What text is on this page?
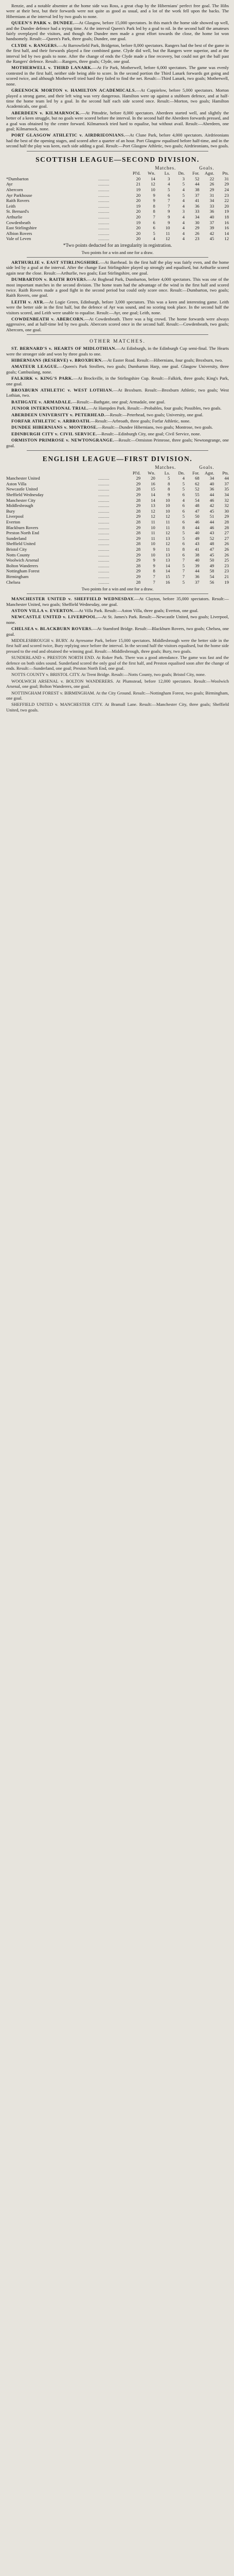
Renzie, and a notable absentee at the home side was Ross, a great chap by the Hibernians' perfect free goal. The Hibs were at their best, but their forwards were not quite as good as usual, and a lot of the work fell upon the backs. The Hibernians at the interval led by two goals to none.

QUEEN'S PARK v. DUNDEE.—At Glasgow, before 15,000 spectators. In this match the home side showed up well, and the Dundee defence had a trying time. At the interval Queen's Park led by a goal to nil. In the second half the amateurs fairly overplayed the visitors, and though the Dundee men made a great effort towards the close, the home lot won handsomely. Result:—Queen's Park, three goals; Dundee, one goal.

CLYDE v. RANGERS.—At Barrowfield Park, Bridgeton, before 8,000 spectators. Rangers had the best of the game in the first half, and their forwards played a fine combined game. Clyde did well, but the Rangers were superior, and at the interval led by two goals to none. After the change of ends the Clyde made a fine recovery, but could not get the ball past the Rangers' defence. Result:—Rangers, three goals; Clyde, one goal.

MOTHERWELL v. THIRD LANARK.—At Fir Park, Motherwell, before 6,000 spectators. The game was evenly contested in the first half, neither side being able to score. In the second portion the Third Lanark forwards got going and scored twice, and although Motherwell tried hard they failed to find the net. Result:—Third Lanark, two goals; Motherwell, none.

GREENOCK MORTON v. HAMILTON ACADEMICALS.—At Cappielow, before 5,000 spectators. Morton played a strong game, and their left wing was very dangerous. Hamilton were up against a stubborn defence, and at half-time the home team led by a goal. In the second half each side scored once. Result:—Morton, two goals; Hamilton Academicals, one goal.

ABERDEEN v. KILMARNOCK.—At Pittodrie, before 8,000 spectators. Aberdeen started well, and slightly the better of a keen struggle, but no goals were scored before the interval. In the second half the Aberdeen forwards pressed, and a goal was obtained by the centre forward. Kilmarnock tried hard to equalise, but without avail. Result:—Aberdeen, one goal; Kilmarnock, none.

PORT GLASGOW ATHLETIC v. AIRDRIEONIANS.—At Clune Park, before 4,000 spectators. Airdrieonians had the best of the opening stages, and scored after a quarter of an hour. Port Glasgow equalised before half-time, and in the second half the play was keen, each side adding a goal. Result:—Port Glasgow Athletic, two goals; Airdrieonians, two goals.

SCOTTISH LEAGUE—SECOND DIVISION.
		Matches.				Goals.		
		Pl'd.	Wn.	Ls.	Dn.	For.	Agst.	Pts.
*Dumbarton	..........	20	14	3	3	52	22	31
Ayr	..........	21	12	4	5	44	26	29
Abercorn	..........	19	10	5	4	38	29	24
Ayr Parkhouse	..........	20	9	6	5	37	31	23
Raith Rovers	..........	20	9	7	4	41	34	22
Leith	..........	19	8	7	4	36	33	20
St. Bernard's	..........	20	8	9	3	33	36	19
Arthurlie	..........	20	7	9	4	34	40	18
Cowdenbeath	..........	19	6	9	4	30	37	16
East Stirlingshire	..........	20	6	10	4	29	39	16
Albion Rovers	..........	20	5	11	4	26	42	14
Vale of Leven	..........	20	4	12	4	23	45	12
*Two points deducted for an irregularity in registration.
Two points for a win and one for a draw.

ARTHURLIE v. EAST STIRLINGSHIRE.—At Barrhead. In the first half the play was fairly even, and the home side led by a goal at the interval. After the change East Stirlingshire played up strongly and equalised, but Arthurlie scored again near the close. Result:—Arthurlie, two goals; East Stirlingshire, one goal.

DUMBARTON v. RAITH ROVERS.—At Boghead Park, Dumbarton, before 4,000 spectators. This was one of the most important matches in the second division. The home team had the advantage of the wind in the first half and scored twice. Raith Rovers made a good fight in the second period but could only score once. Result:—Dumbarton, two goals; Raith Rovers, one goal.

LEITH v. AYR.—At Logie Green, Edinburgh, before 3,000 spectators. This was a keen and interesting game. Leith were the better side in the first half, but the defence of Ayr was sound, and no scoring took place. In the second half the visitors scored, and Leith were unable to equalise. Result:—Ayr, one goal; Leith, none.

COWDENBEATH v. ABERCORN.—At Cowdenbeath. There was a big crowd. The home forwards were always aggressive, and at half-time led by two goals. Abercorn scored once in the second half. Result:—Cowdenbeath, two goals; Abercorn, one goal.

OTHER MATCHES.

ST. BERNARD'S v. HEARTS OF MIDLOTHIAN.—At Edinburgh, in the Edinburgh Cup semi-final. The Hearts were the stronger side and won by three goals to one.

HIBERNIANS (RESERVE) v. BROXBURN.—At Easter Road. Result:—Hibernians, four goals; Broxburn, two.

AMATEUR LEAGUE.—Queen's Park Strollers, two goals; Dumbarton Harp, one goal. Glasgow University, three goals; Cambuslang, none.

FALKIRK v. KING'S PARK.—At Brockville, in the Stirlingshire Cup. Result:—Falkirk, three goals; King's Park, one goal.

BROXBURN ATHLETIC v. WEST LOTHIAN.—At Broxburn. Result:—Broxburn Athletic, two goals; West Lothian, two.

BATHGATE v. ARMADALE.—Result:—Bathgate, one goal; Armadale, one goal.

JUNIOR INTERNATIONAL TRIAL.—At Hampden Park. Result:—Probables, four goals; Possibles, two goals.

ABERDEEN UNIVERSITY v. PETERHEAD.—Result:—Peterhead, two goals; University, one goal.

FORFAR ATHLETIC v. ARBROATH.—Result:—Arbroath, three goals; Forfar Athletic, none.

DUNDEE HIBERNIANS v. MONTROSE.—Result:—Dundee Hibernians, two goals; Montrose, two goals.

EDINBURGH CITY v. CIVIL SERVICE.—Result:—Edinburgh City, one goal; Civil Service, none.

ORMISTON PRIMROSE v. NEWTONGRANGE.—Result:—Ormiston Primrose, three goals; Newtongrange, one goal.

ENGLISH LEAGUE—FIRST DIVISION.
		Matches.				Goals.		
		Pl'd.	Wn.	Ls.	Dn.	For.	Agst.	Pts.
Manchester United	..........	29	20	5	4	68	34	44
Aston Villa	..........	29	16	8	5	62	40	37
Newcastle United	..........	28	15	8	5	52	36	35
Sheffield Wednesday	..........	29	14	9	6	55	44	34
Manchester City	..........	28	14	10	4	54	46	32
Middlesbrough	..........	29	13	10	6	48	42	32
Bury	..........	28	12	10	6	47	45	30
Liverpool	..........	29	12	12	5	50	51	29
Everton	..........	28	11	11	6	46	44	28
Blackburn Rovers	..........	29	10	11	8	44	46	28
Preston North End	..........	28	11	12	5	40	43	27
Sunderland	..........	29	11	13	5	49	52	27
Sheffield United	..........	28	10	12	6	43	48	26
Bristol City	..........	28	9	11	8	41	47	26
Notts County	..........	29	10	13	6	38	45	26
Woolwich Arsenal	..........	29	9	13	7	40	50	25
Bolton Wanderers	..........	28	9	14	5	39	49	23
Nottingham Forest	..........	29	8	14	7	44	58	23
Birmingham	..........	29	7	15	7	36	54	21
Chelsea	..........	28	7	16	5	37	56	19
Two points for a win and one for a draw.

MANCHESTER UNITED v. SHEFFIELD WEDNESDAY.—At Clayton, before 35,000 spectators. Result:—Manchester United, two goals; Sheffield Wednesday, one goal.

ASTON VILLA v. EVERTON.—At Villa Park. Result:—Aston Villa, three goals; Everton, one goal.

NEWCASTLE UNITED v. LIVERPOOL.—At St. James's Park. Result:—Newcastle United, two goals; Liverpool, none.

CHELSEA v. BLACKBURN ROVERS.—At Stamford Bridge. Result:—Blackburn Rovers, two goals; Chelsea, one goal.

MIDDLESBROUGH v. BURY. At Ayresome Park, before 15,000 spectators. Middlesbrough were the better side in the first half and scored twice, Bury replying once before the interval. In the second half the visitors equalised, but the home side pressed to the end and obtained the winning goal. Result:—Middlesbrough, three goals; Bury, two goals.

SUNDERLAND v. PRESTON NORTH END. At Roker Park. There was a good attendance. The game was fast and the defence on both sides sound. Sunderland scored the only goal of the first half, and Preston equalised soon after the change of ends. Result:—Sunderland, one goal; Preston North End, one goal.

NOTTS COUNTY v. BRISTOL CITY. At Trent Bridge. Result:—Notts County, two goals; Bristol City, none.

WOOLWICH ARSENAL v. BOLTON WANDERERS. At Plumstead, before 12,000 spectators. Result:—Woolwich Arsenal, one goal; Bolton Wanderers, one goal.

NOTTINGHAM FOREST v. BIRMINGHAM. At the City Ground. Result:—Nottingham Forest, two goals; Birmingham, one goal.

SHEFFIELD UNITED v. MANCHESTER CITY. At Bramall Lane. Result:—Manchester City, three goals; Sheffield United, two goals.
